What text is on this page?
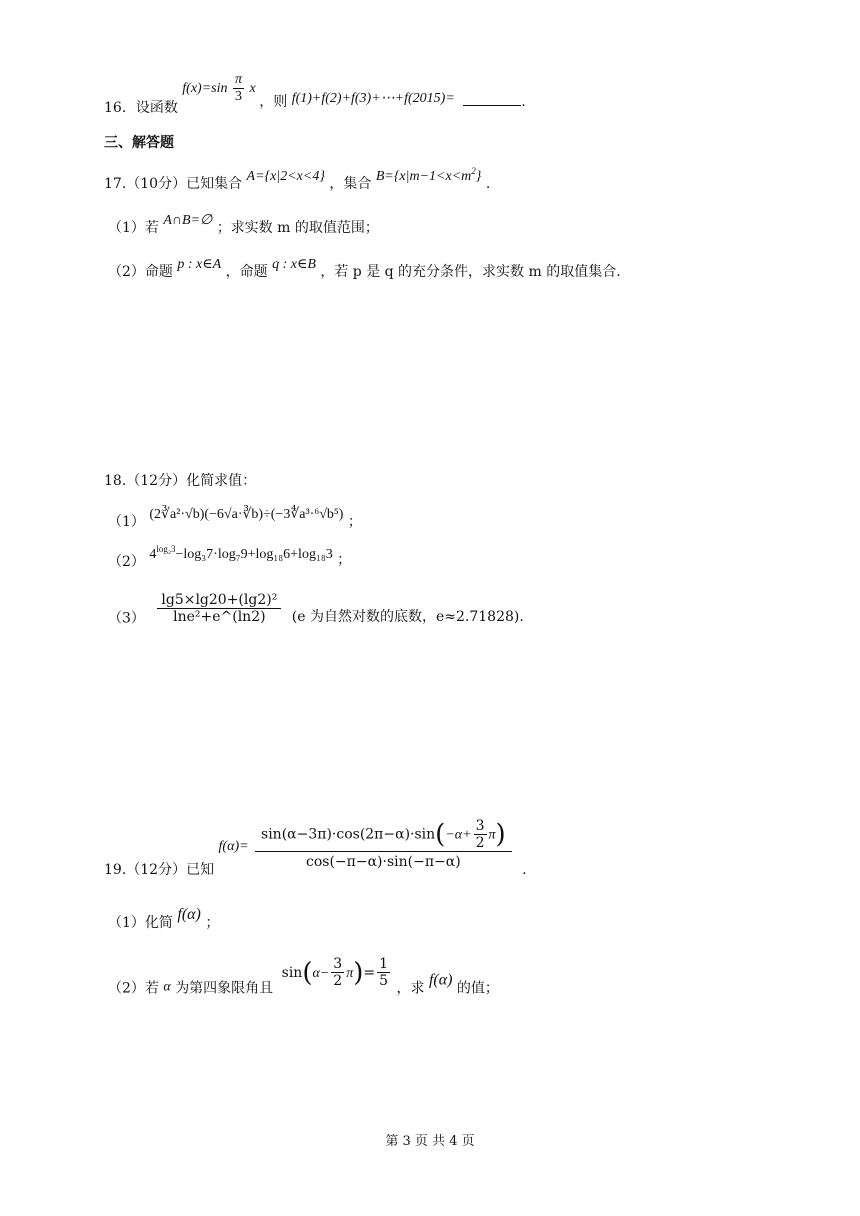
16．设函数 $f(x)=\sin \frac{\pi}{3}$ x ，则 f(1)+f(2)+f(3)+⋯+f(2015)=	.
三、解答题
17.（10分）已知集合 A={x|2<x<4} ，集合 $B=\{x|m-1<x<m^2\}$ .
（1）若 A∩B=∅ ；求实数 m 的取值范围；
（2）命题 p : x∈A ，命题 q : x∈B ，若 p 是 q 的充分条件，求实数 m 的取值集合.
18.（12分）化简求值：
（1） (2∛a²·√b)(−6√a·∛b)÷(−3∜a³·⁶√b⁵) ；
（2） $4^{log_23}-\log_37\cdot\log_79+\log_{18}6+\log_{18}3$ ；
$(3) \frac{\text{lg5×lg20+(lg2)²}}{\text{lne²+e\textasciicircum{}(ln2)}} (e$ 为自然对数的底数，e≈2.71828).
19.（12分）已知 $f(\alpha)= \frac{\sin(\alpha-3\pi)\cdot\cos(2\pi-\alpha)\cdot\sin(-\alpha+ \frac{3}{2} \pi)}{\cos(-\pi-\alpha)\cdot\sin(-\pi-\alpha)}$ .
（1）化简 f(α) ；
（2）若 α 为第四象限角且 $\sin(\alpha- \frac{3}{2} \pi)= \frac{1}{5}$ ，求 f(α) 的值；
第 3 页 共 4 页
